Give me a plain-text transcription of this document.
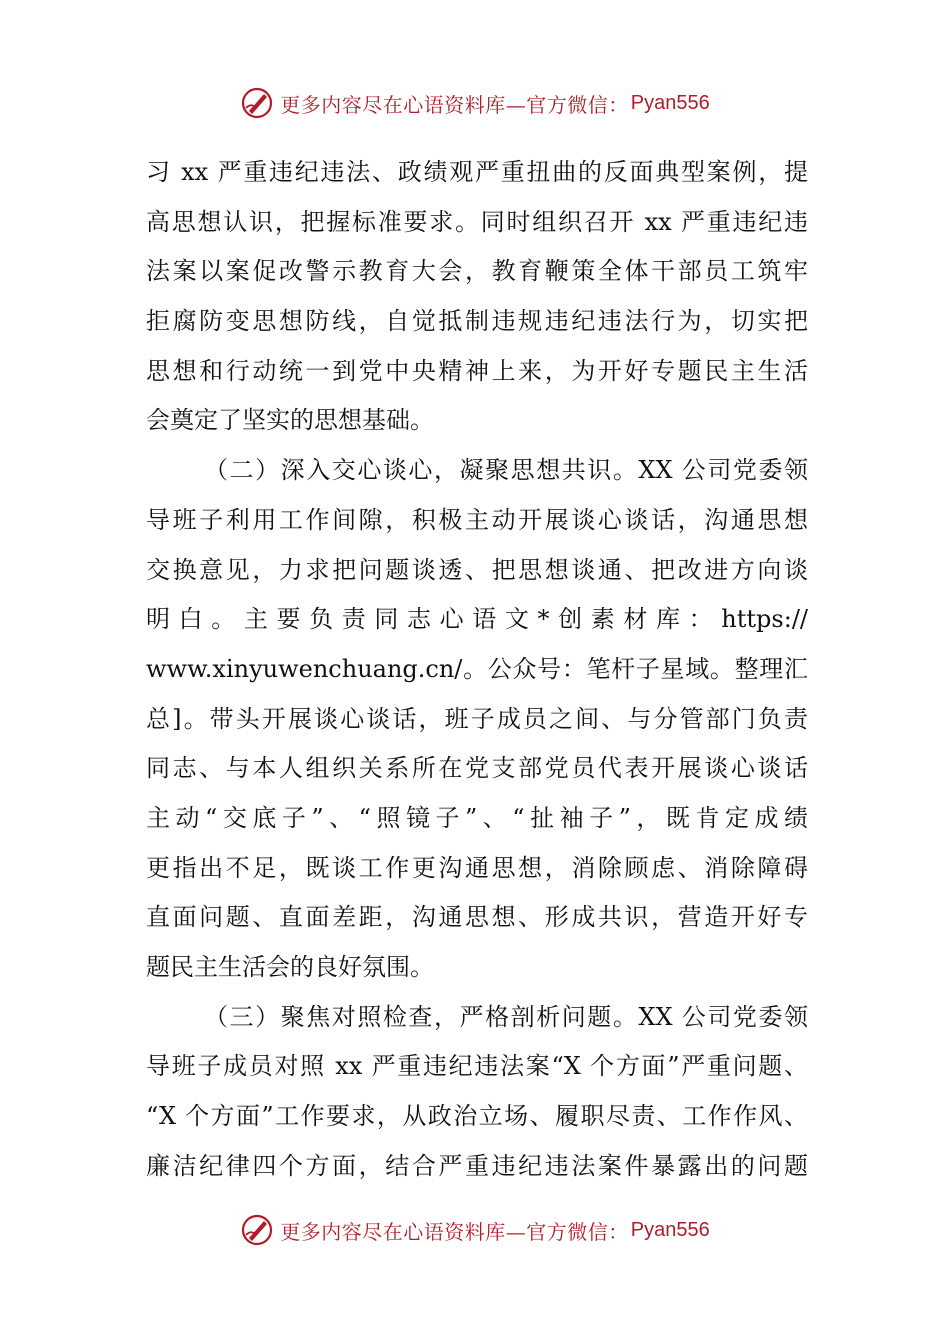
更多内容尽在心语资料库—官方微信： Pyan556
习 xx 严重违纪违法、政绩观严重扭曲的反面典型案例，提
高思想认识，把握标准要求。同时组织召开 xx 严重违纪违
法案以案促改警示教育大会，教育鞭策全体干部员工筑牢
拒腐防变思想防线，自觉抵制违规违纪违法行为，切实把
思想和行动统一到党中央精神上来，为开好专题民主生活
会奠定了坚实的思想基础。
（二）深入交心谈心，凝聚思想共识。XX 公司党委领
导班子利用工作间隙，积极主动开展谈心谈话，沟通思想
交换意见，力求把问题谈透、把思想谈通、把改进方向谈
明白。主要负责同志心语文*创素材库：https://
www.xinyuwenchuang.cn/。公众号：笔杆子星域。整理汇
总]。带头开展谈心谈话，班子成员之间、与分管部门负责
同志、与本人组织关系所在党支部党员代表开展谈心谈话
主动“交底子”、“照镜子”、“扯袖子”，既肯定成绩
更指出不足，既谈工作更沟通思想，消除顾虑、消除障碍
直面问题、直面差距，沟通思想、形成共识，营造开好专
题民主生活会的良好氛围。
（三）聚焦对照检查，严格剖析问题。XX 公司党委领
导班子成员对照 xx 严重违纪违法案“X 个方面”严重问题、
“X 个方面”工作要求，从政治立场、履职尽责、工作作风、
廉洁纪律四个方面，结合严重违纪违法案件暴露出的问题
更多内容尽在心语资料库—官方微信： Pyan556
